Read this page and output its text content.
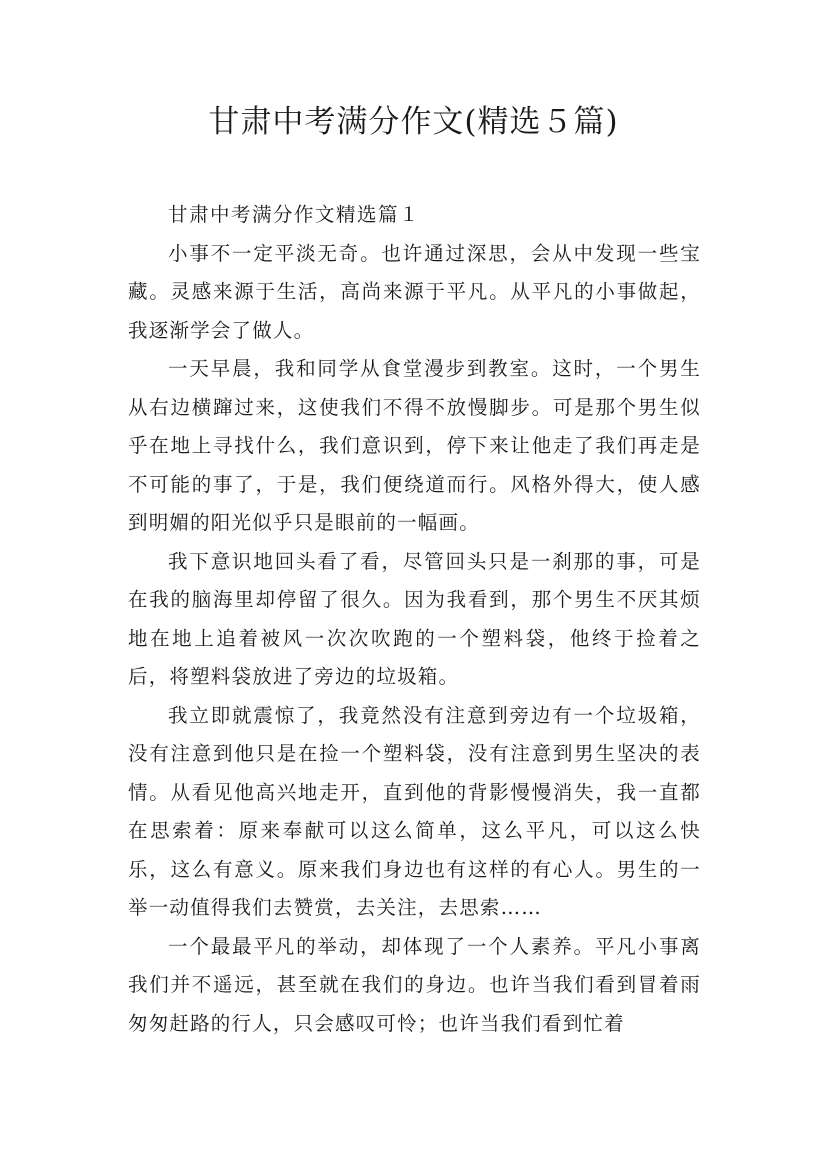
甘肃中考满分作文(精选５篇)

甘肃中考满分作文精选篇１

小事不一定平淡无奇。也许通过深思，会从中发现一些宝藏。灵感来源于生活，高尚来源于平凡。从平凡的小事做起，我逐渐学会了做人。

一天早晨，我和同学从食堂漫步到教室。这时，一个男生从右边横蹿过来，这使我们不得不放慢脚步。可是那个男生似乎在地上寻找什么，我们意识到，停下来让他走了我们再走是不可能的事了，于是，我们便绕道而行。风格外得大，使人感到明媚的阳光似乎只是眼前的一幅画。

我下意识地回头看了看，尽管回头只是一刹那的事，可是在我的脑海里却停留了很久。因为我看到，那个男生不厌其烦地在地上追着被风一次次吹跑的一个塑料袋，他终于捡着之后，将塑料袋放进了旁边的垃圾箱。

我立即就震惊了，我竟然没有注意到旁边有一个垃圾箱，没有注意到他只是在捡一个塑料袋，没有注意到男生坚决的表情。从看见他高兴地走开，直到他的背影慢慢消失，我一直都在思索着：原来奉献可以这么简单，这么平凡，可以这么快乐，这么有意义。原来我们身边也有这样的有心人。男生的一举一动值得我们去赞赏，去关注，去思索……

一个最最平凡的举动，却体现了一个人素养。平凡小事离我们并不遥远，甚至就在我们的身边。也许当我们看到冒着雨匆匆赶路的行人，只会感叹可怜；也许当我们看到忙着
